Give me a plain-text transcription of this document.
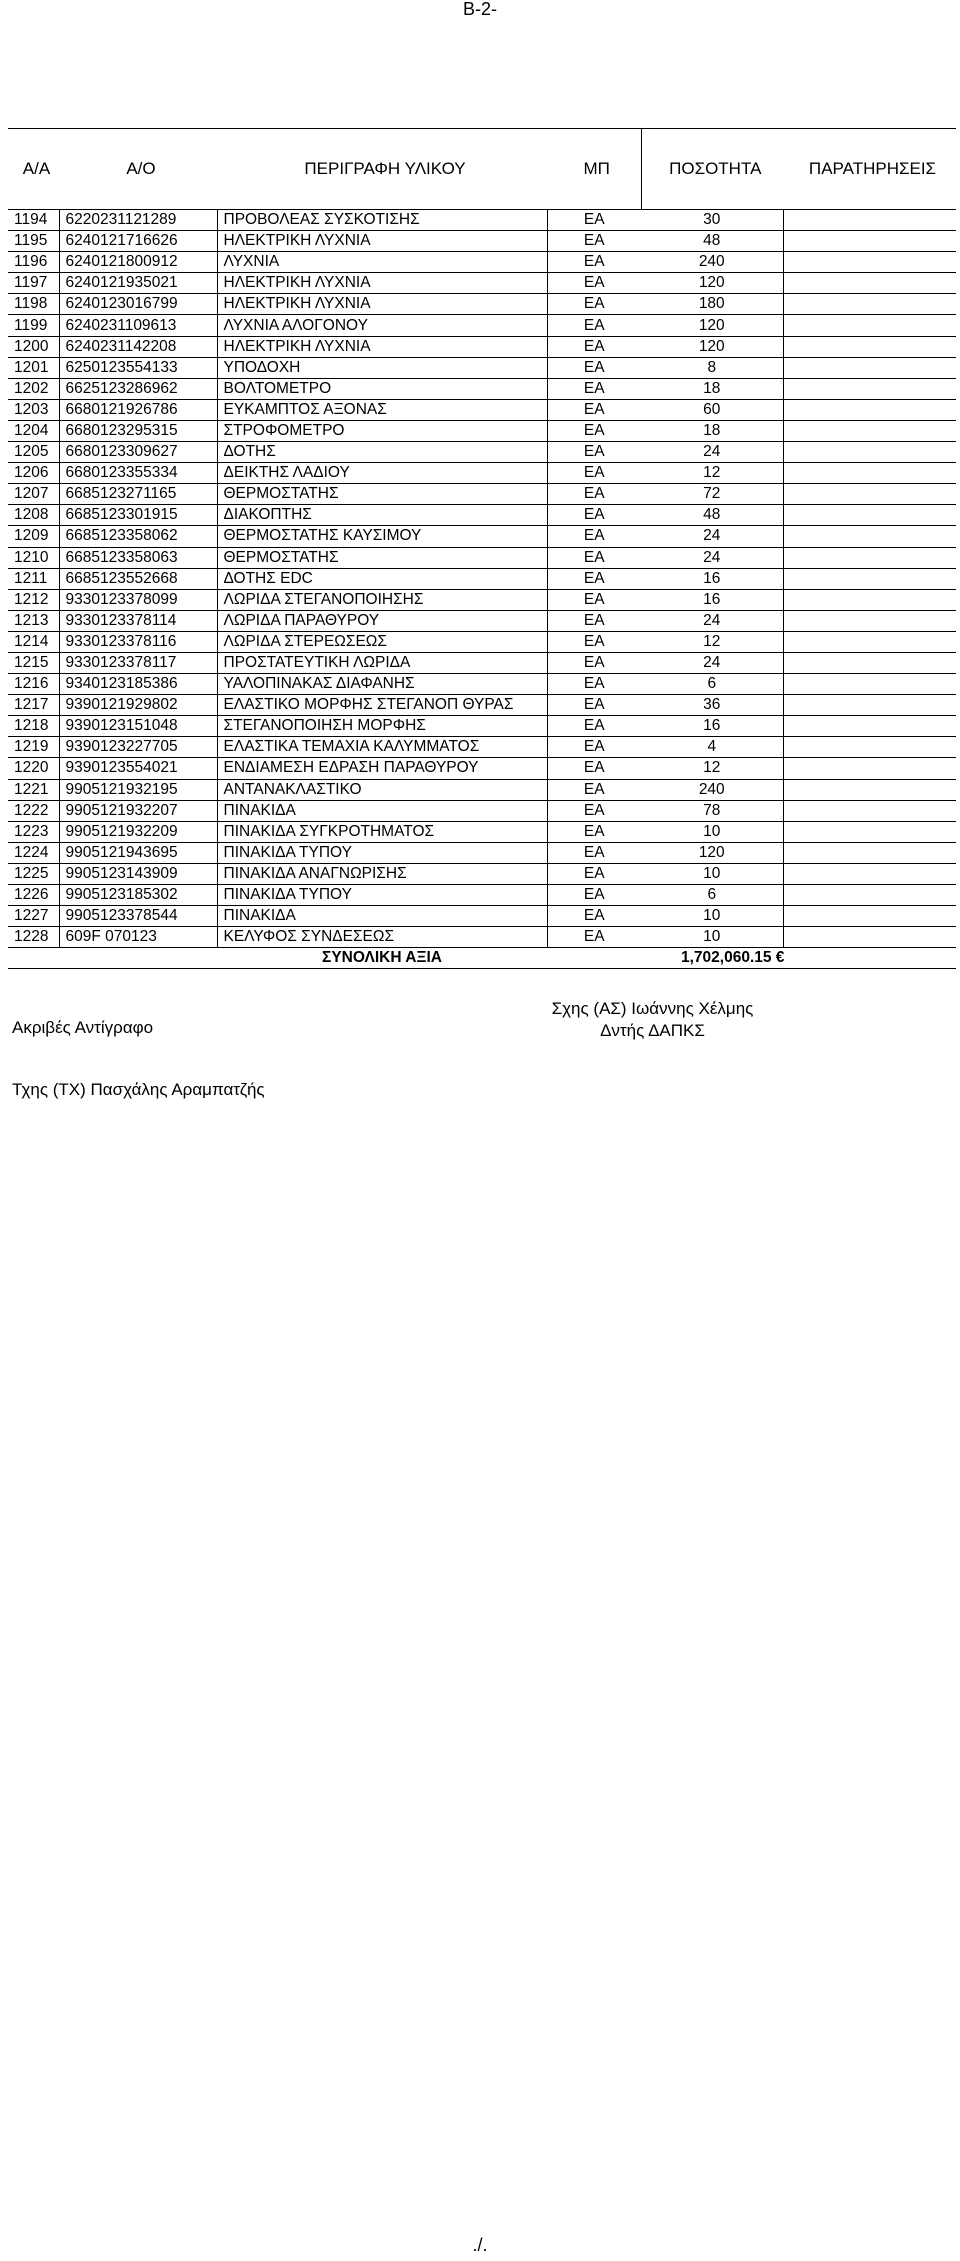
B-2-
Α/Α	Α/Ο	ΠΕΡΙΓΡΑΦΗ ΥΛΙΚΟΥ	ΜΠ	ΠΟΣΟΤΗΤΑ	ΠΑΡΑΤΗΡΗΣΕΙΣ
1194	6220231121289	ΠΡΟΒΟΛΕΑΣ ΣΥΣΚΟΤΙΣΗΣ	ΕΑ	30	
1195	6240121716626	ΗΛΕΚΤΡΙΚΗ ΛΥΧΝΙΑ	ΕΑ	48	
1196	6240121800912	ΛΥΧΝΙΑ	ΕΑ	240	
1197	6240121935021	ΗΛΕΚΤΡΙΚΗ ΛΥΧΝΙΑ	ΕΑ	120	
1198	6240123016799	ΗΛΕΚΤΡΙΚΗ ΛΥΧΝΙΑ	ΕΑ	180	
1199	6240231109613	ΛΥΧΝΙΑ ΑΛΟΓΟΝΟΥ	ΕΑ	120	
1200	6240231142208	ΗΛΕΚΤΡΙΚΗ ΛΥΧΝΙΑ	ΕΑ	120	
1201	6250123554133	ΥΠΟΔΟΧΗ	ΕΑ	8	
1202	6625123286962	ΒΟΛΤΟΜΕΤΡΟ	ΕΑ	18	
1203	6680121926786	ΕΥΚΑΜΠΤΟΣ ΑΞΟΝΑΣ	ΕΑ	60	
1204	6680123295315	ΣΤΡΟΦΟΜΕΤΡΟ	ΕΑ	18	
1205	6680123309627	ΔΟΤΗΣ	ΕΑ	24	
1206	6680123355334	ΔΕΙΚΤΗΣ ΛΑΔΙΟΥ	ΕΑ	12	
1207	6685123271165	ΘΕΡΜΟΣΤΑΤΗΣ	ΕΑ	72	
1208	6685123301915	ΔΙΑΚΟΠΤΗΣ	ΕΑ	48	
1209	6685123358062	ΘΕΡΜΟΣΤΑΤΗΣ ΚΑΥΣΙΜΟΥ	ΕΑ	24	
1210	6685123358063	ΘΕΡΜΟΣΤΑΤΗΣ	ΕΑ	24	
1211	6685123552668	ΔΟΤΗΣ EDC	ΕΑ	16	
1212	9330123378099	ΛΩΡΙΔΑ ΣΤΕΓΑΝΟΠΟΙΗΣΗΣ	ΕΑ	16	
1213	9330123378114	ΛΩΡΙΔΑ ΠΑΡΑΘΥΡΟΥ	ΕΑ	24	
1214	9330123378116	ΛΩΡΙΔΑ ΣΤΕΡΕΩΣΕΩΣ	ΕΑ	12	
1215	9330123378117	ΠΡΟΣΤΑΤΕΥΤΙΚΗ ΛΩΡΙΔΑ	ΕΑ	24	
1216	9340123185386	ΥΑΛΟΠΙΝΑΚΑΣ ΔΙΑΦΑΝΗΣ	ΕΑ	6	
1217	9390121929802	ΕΛΑΣΤΙΚΟ ΜΟΡΦΗΣ ΣΤΕΓΑΝΟΠ ΘΥΡΑΣ	ΕΑ	36	
1218	9390123151048	ΣΤΕΓΑΝΟΠΟΙΗΣΗ ΜΟΡΦΗΣ	ΕΑ	16	
1219	9390123227705	ΕΛΑΣΤΙΚΑ ΤΕΜΑΧΙΑ ΚΑΛΥΜΜΑΤΟΣ	ΕΑ	4	
1220	9390123554021	ΕΝΔΙΑΜΕΣΗ ΕΔΡΑΣΗ ΠΑΡΑΘΥΡΟΥ	ΕΑ	12	
1221	9905121932195	ΑΝΤΑΝΑΚΛΑΣΤΙΚΟ	ΕΑ	240	
1222	9905121932207	ΠΙΝΑΚΙΔΑ	ΕΑ	78	
1223	9905121932209	ΠΙΝΑΚΙΔΑ ΣΥΓΚΡΟΤΗΜΑΤΟΣ	ΕΑ	10	
1224	9905121943695	ΠΙΝΑΚΙΔΑ ΤΥΠΟΥ	ΕΑ	120	
1225	9905123143909	ΠΙΝΑΚΙΔΑ ΑΝΑΓΝΩΡΙΣΗΣ	ΕΑ	10	
1226	9905123185302	ΠΙΝΑΚΙΔΑ ΤΥΠΟΥ	ΕΑ	6	
1227	9905123378544	ΠΙΝΑΚΙΔΑ	ΕΑ	10	
1228	609F 070123	ΚΕΛΥΦΟΣ ΣΥΝΔΕΣΕΩΣ	ΕΑ	10	
		ΣΥΝΟΛΙΚΗ ΑΞΙΑ		1,702,060.15 €	
Ακριβές Αντίγραφο
Σχης (ΑΣ) Ιωάννης Χέλμης
Δντής ΔΑΠΚΣ
Τχης (ΤΧ) Πασχάλης Αραμπατζής
./.
